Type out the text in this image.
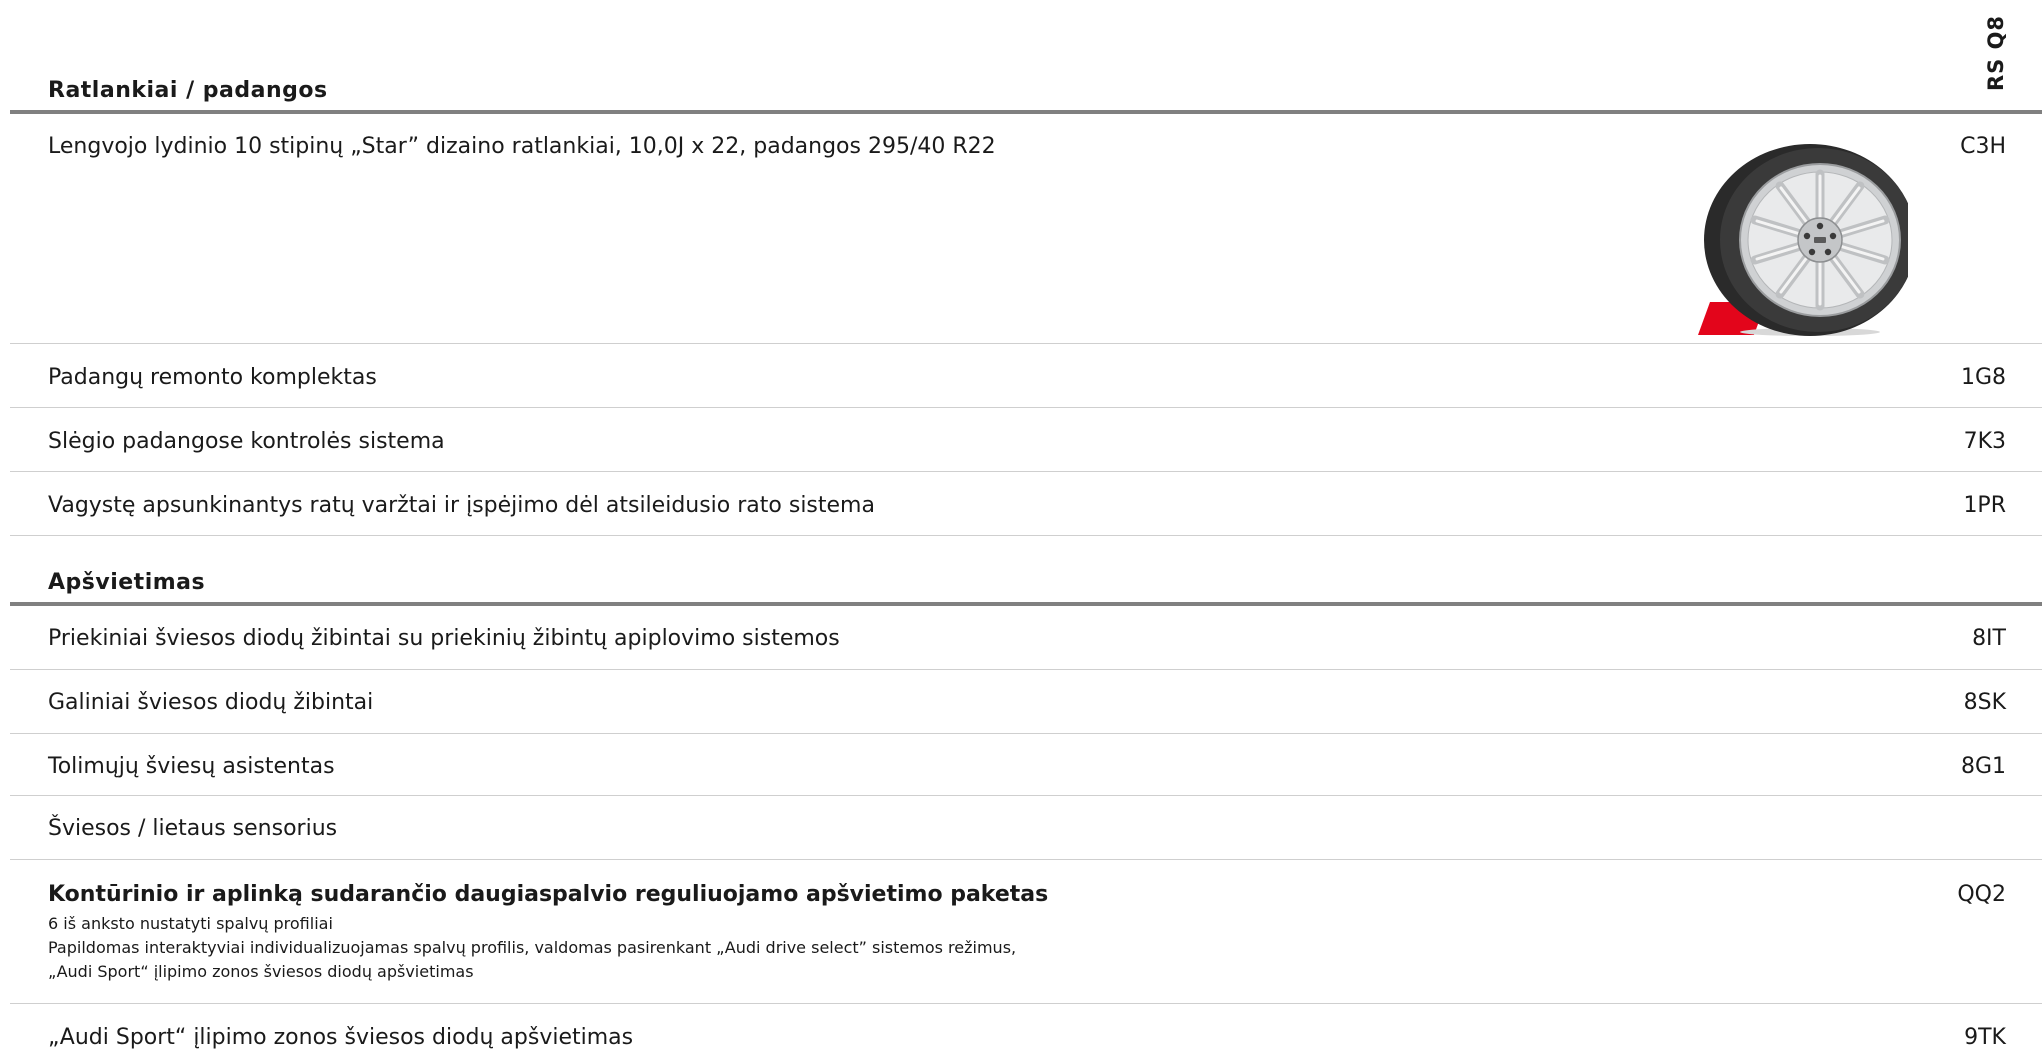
RS Q8
Ratlankiai / padangos
Lengvojo lydinio 10 stipinų „Star” dizaino ratlankiai, 10,0J x 22, padangos 295/40 R22	C3H
Padangų remonto komplektas	1G8
Slėgio padangose kontrolės sistema	7K3
Vagystę apsunkinantys ratų varžtai ir įspėjimo dėl atsileidusio rato sistema	1PR
Apšvietimas
Priekiniai šviesos diodų žibintai su priekinių žibintų apiplovimo sistemos	8IT
Galiniai šviesos diodų žibintai	8SK
Tolimųjų šviesų asistentas	8G1
Šviesos / lietaus sensorius
Kontūrinio ir aplinką sudarančio daugiaspalvio reguliuojamo apšvietimo paketas	QQ2
6 iš anksto nustatyti spalvų profiliai
Papildomas interaktyviai individualizuojamas spalvų profilis, valdomas pasirenkant „Audi drive select” sistemos režimus,
„Audi Sport“ įlipimo zonos šviesos diodų apšvietimas
„Audi Sport“ įlipimo zonos šviesos diodų apšvietimas	9TK
